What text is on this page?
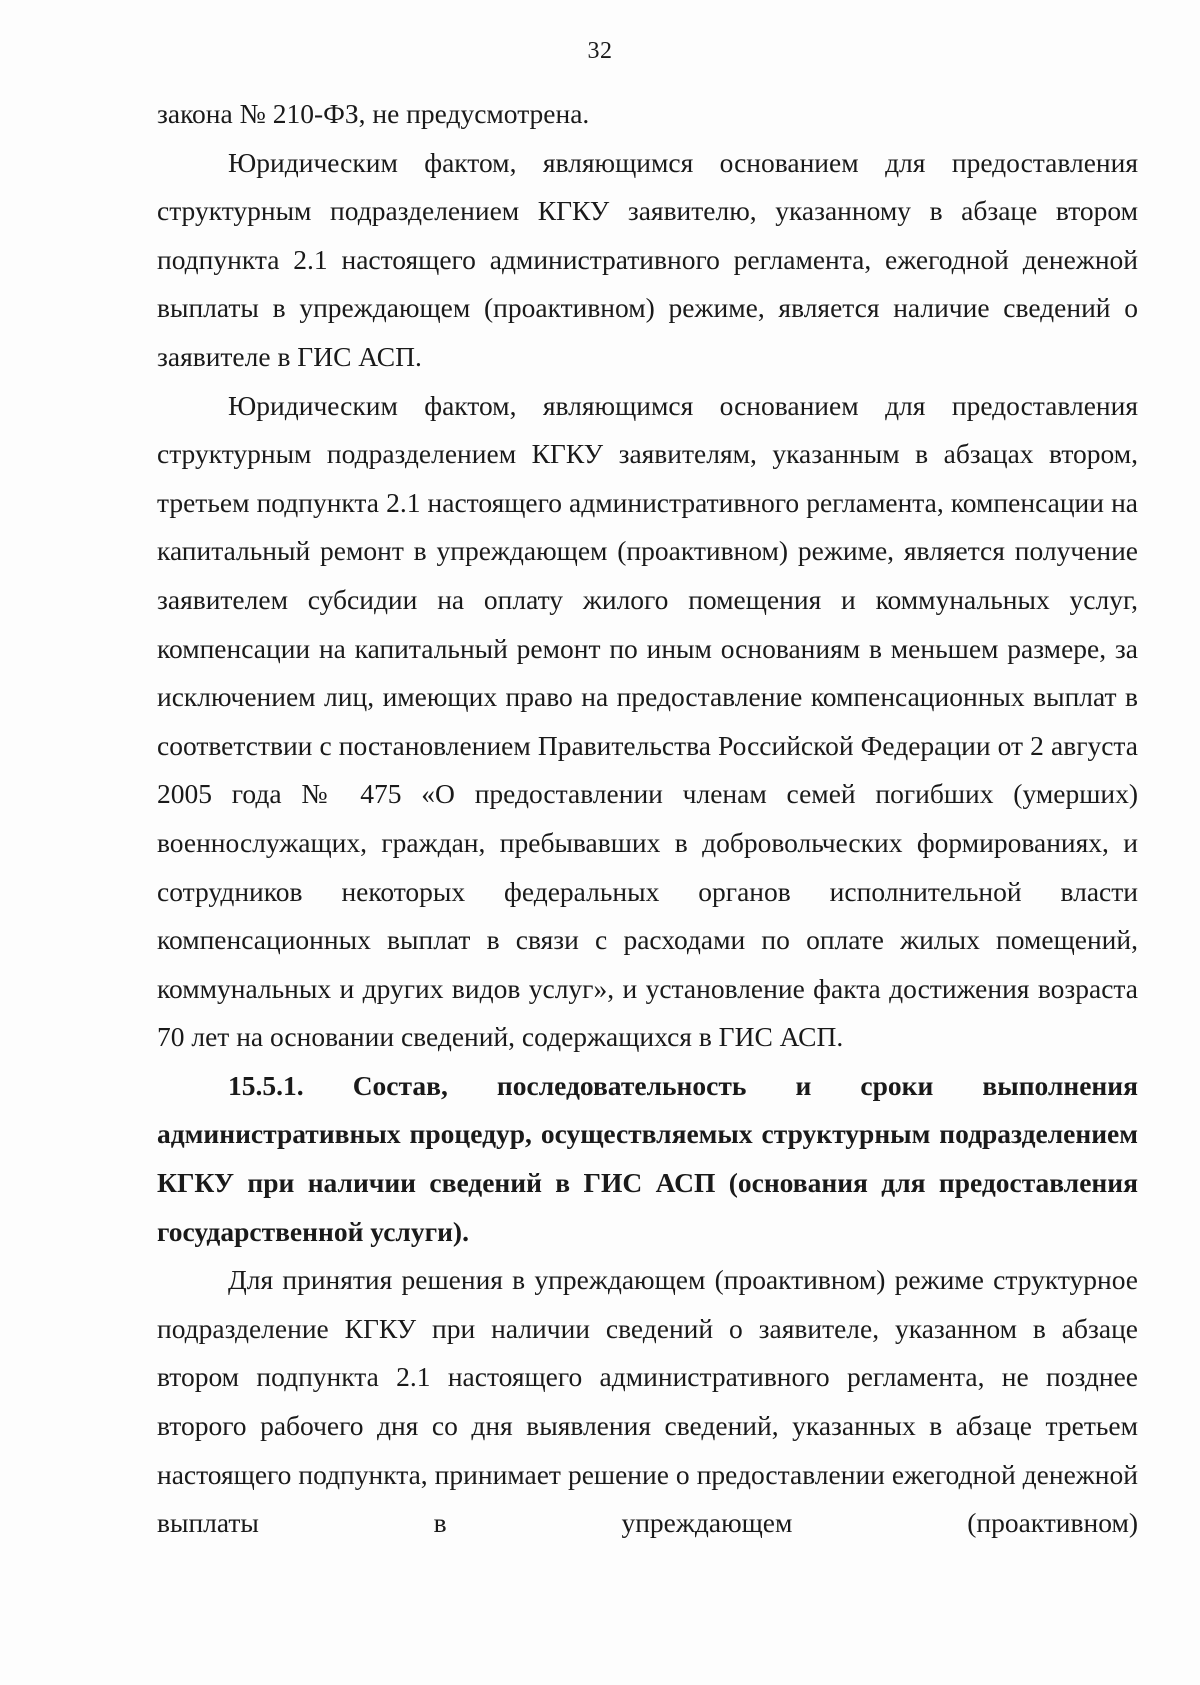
32

закона № 210-ФЗ, не предусмотрена.

Юридическим фактом, являющимся основанием для предоставления структурным подразделением КГКУ заявителю, указанному в абзаце втором подпункта 2.1 настоящего административного регламента, ежегодной денежной выплаты в упреждающем (проактивном) режиме, является наличие сведений о заявителе в ГИС АСП.

Юридическим фактом, являющимся основанием для предоставления структурным подразделением КГКУ заявителям, указанным в абзацах втором, третьем подпункта 2.1 настоящего административного регламента, компенсации на капитальный ремонт в упреждающем (проактивном) режиме, является получение заявителем субсидии на оплату жилого помещения и коммунальных услуг, компенсации на капитальный ремонт по иным основаниям в меньшем размере, за исключением лиц, имеющих право на предоставление компенсационных выплат в соответствии с постановлением Правительства Российской Федерации от 2 августа 2005 года № 475 «О предоставлении членам семей погибших (умерших) военнослужащих, граждан, пребывавших в добровольческих формированиях, и сотрудников некоторых федеральных органов исполнительной власти компенсационных выплат в связи с расходами по оплате жилых помещений, коммунальных и других видов услуг», и установление факта достижения возраста 70 лет на основании сведений, содержащихся в ГИС АСП.

15.5.1. Состав, последовательность и сроки выполнения административных процедур, осуществляемых структурным подразделением КГКУ при наличии сведений в ГИС АСП (основания для предоставления государственной услуги).

Для принятия решения в упреждающем (проактивном) режиме структурное подразделение КГКУ при наличии сведений о заявителе, указанном в абзаце втором подпункта 2.1 настоящего административного регламента, не позднее второго рабочего дня со дня выявления сведений, указанных в абзаце третьем настоящего подпункта, принимает решение о предоставлении ежегодной денежной выплаты в упреждающем (проактивном)
